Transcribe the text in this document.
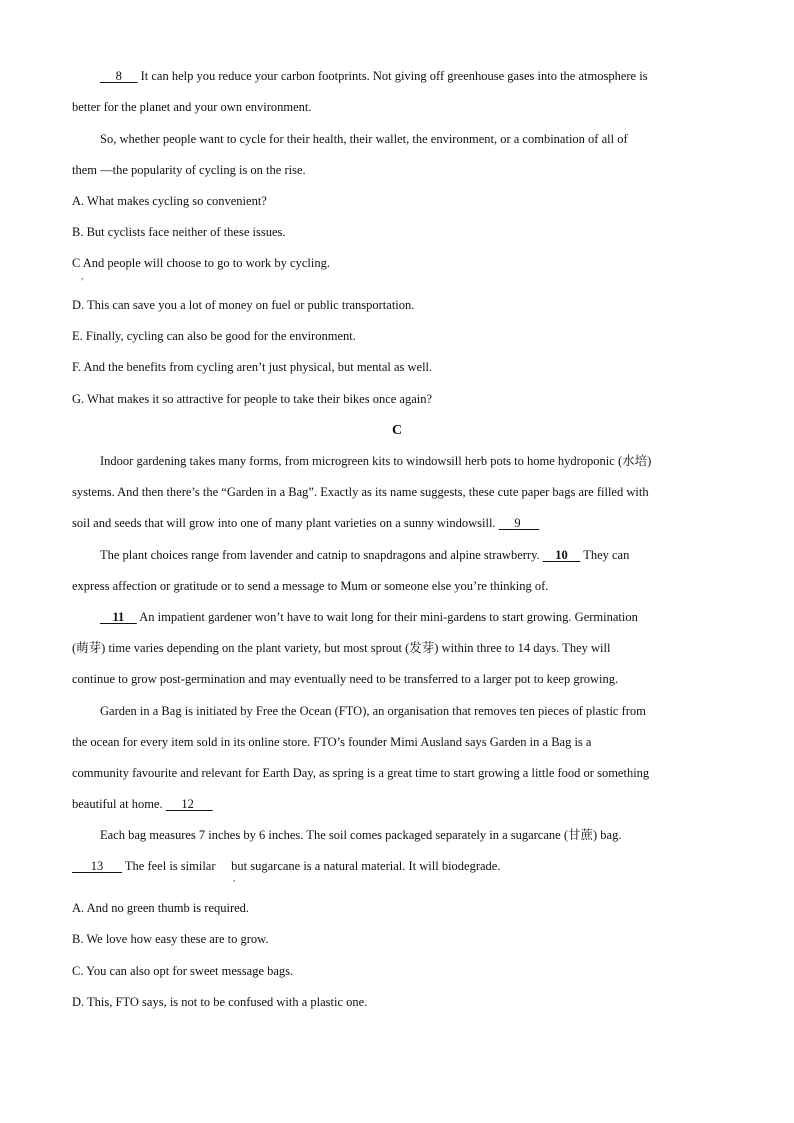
8 It can help you reduce your carbon footprints. Not giving off greenhouse gases into the atmosphere is
better for the planet and your own environment.
So, whether people want to cycle for their health, their wallet, the environment, or a combination of all of
them —the popularity of cycling is on the rise.
A. What makes cycling so convenient?
B. But cyclists face neither of these issues.
C And people will choose to go to work by cycling.
,
D. This can save you a lot of money on fuel or public transportation.
E. Finally, cycling can also be good for the environment.
F. And the benefits from cycling aren’t just physical, but mental as well.
G. What makes it so attractive for people to take their bikes once again?
C
Indoor gardening takes many forms, from microgreen kits to windowsill herb pots to home hydroponic (水培)
systems. And then there’s the “Garden in a Bag”. Exactly as its name suggests, these cute paper bags are filled with
soil and seeds that will grow into one of many plant varieties on a sunny windowsill. 9
The plant choices range from lavender and catnip to snapdragons and alpine strawberry. 10 They can
express affection or gratitude or to send a message to Mum or someone else you’re thinking of.
11 An impatient gardener won’t have to wait long for their mini-gardens to start growing. Germination
(萌芽) time varies depending on the plant variety, but most sprout (发芽) within three to 14 days. They will
continue to grow post-germination and may eventually need to be transferred to a larger pot to keep growing.
Garden in a Bag is initiated by Free the Ocean (FTO), an organisation that removes ten pieces of plastic from
the ocean for every item sold in its online store. FTO’s founder Mimi Ausland says Garden in a Bag is a
community favourite and relevant for Earth Day, as spring is a great time to start growing a little food or something
beautiful at home. 12
Each bag measures 7 inches by 6 inches. The soil comes packaged separately in a sugarcane (甘蔗) bag.
13 The feel is similar but sugarcane is a natural material. It will biodegrade.
,
A. And no green thumb is required.
B. We love how easy these are to grow.
C. You can also opt for sweet message bags.
D. This, FTO says, is not to be confused with a plastic one.
